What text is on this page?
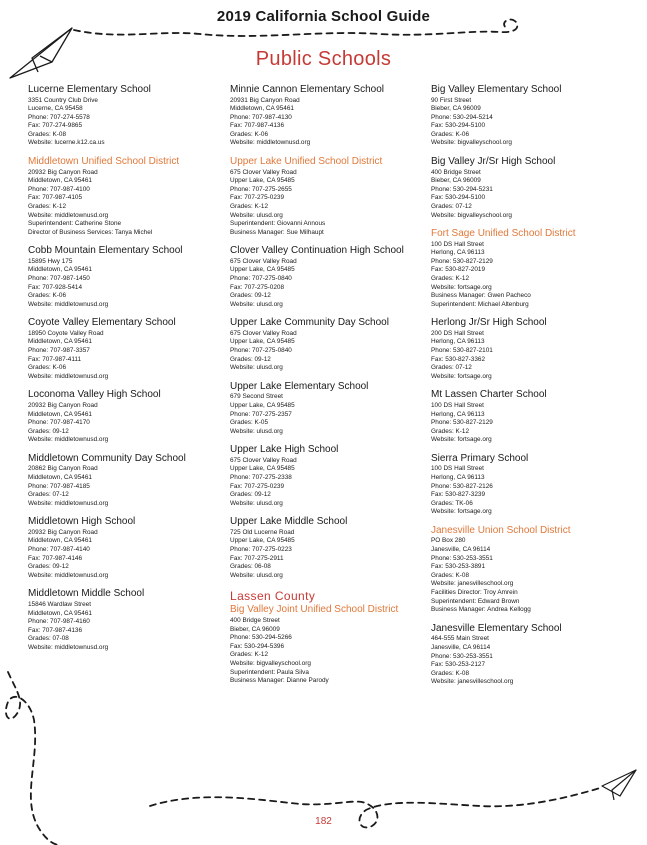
2019 California School Guide
Public Schools
Lucerne Elementary School
3351 Country Club Drive
Lucerne, CA 95458
Phone: 707-274-5578
Fax: 707-274-9865
Grades: K-08
Website: lucerne.k12.ca.us
Middletown Unified School District
20932 Big Canyon Road
Middletown, CA 95461
Phone: 707-987-4100
Fax: 707-987-4105
Grades: K-12
Website: middletownusd.org
Superintendent: Catherine Stone
Director of Business Services: Tanya Michel
Cobb Mountain Elementary School
15895 Hwy 175
Middletown, CA 95461
Phone: 707-987-1450
Fax: 707-928-5414
Grades: K-06
Website: middletownusd.org
Coyote Valley Elementary School
18950 Coyote Valley Road
Middletown, CA 95461
Phone: 707-987-3357
Fax: 707-987-4111
Grades: K-06
Website: middletownusd.org
Loconoma Valley High School
20932 Big Canyon Road
Middletown, CA 95461
Phone: 707-987-4170
Grades: 09-12
Website: middletownusd.org
Middletown Community Day School
20862 Big Canyon Road
Middletown, CA 95461
Phone: 707-987-4185
Grades: 07-12
Website: middletownusd.org
Middletown High School
20932 Big Canyon Road
Middletown, CA 95461
Phone: 707-987-4140
Fax: 707-987-4146
Grades: 09-12
Website: middletownusd.org
Middletown Middle School
15846 Wardlaw Street
Middletown, CA 95461
Phone: 707-987-4160
Fax: 707-987-4136
Grades: 07-08
Website: middletownusd.org
Minnie Cannon Elementary School
20931 Big Canyon Road
Middletown, CA 95461
Phone: 707-987-4130
Fax: 707-987-4136
Grades: K-06
Website: middletownusd.org
Upper Lake Unified School District
675 Clover Valley Road
Upper Lake, CA 95485
Phone: 707-275-2655
Fax: 707-275-0239
Grades: K-12
Website: ulusd.org
Superintendent: Giovanni Annous
Business Manager: Sue Milhaupt
Clover Valley Continuation High School
675 Clover Valley Road
Upper Lake, CA 95485
Phone: 707-275-0840
Fax: 707-275-0208
Grades: 09-12
Website: ulusd.org
Upper Lake Community Day School
675 Clover Valley Road
Upper Lake, CA 95485
Phone: 707-275-0840
Grades: 09-12
Website: ulusd.org
Upper Lake Elementary School
679 Second Street
Upper Lake, CA 95485
Phone: 707-275-2357
Grades: K-05
Website: ulusd.org
Upper Lake High School
675 Clover Valley Road
Upper Lake, CA 95485
Phone: 707-275-2338
Fax: 707-275-0239
Grades: 09-12
Website: ulusd.org
Upper Lake Middle School
725 Old Lucerne Road
Upper Lake, CA 95485
Phone: 707-275-0223
Fax: 707-275-2911
Grades: 06-08
Website: ulusd.org
Lassen County
Big Valley Joint Unified School District
400 Bridge Street
Bieber, CA 96009
Phone: 530-294-5266
Fax: 530-294-5396
Grades: K-12
Website: bigvalleyschool.org
Superintendent: Paula Silva
Business Manager: Dianne Parody
Big Valley Elementary School
90 First Street
Bieber, CA 96009
Phone: 530-294-5214
Fax: 530-294-5100
Grades: K-06
Website: bigvalleyschool.org
Big Valley Jr/Sr High School
400 Bridge Street
Bieber, CA 96009
Phone: 530-294-5231
Fax: 530-294-5100
Grades: 07-12
Website: bigvalleyschool.org
Fort Sage Unified School District
100 DS Hall Street
Herlong, CA 96113
Phone: 530-827-2129
Fax: 530-827-2019
Grades: K-12
Website: fortsage.org
Business Manager: Gwen Pacheco
Superintendent: Michael Altenburg
Herlong Jr/Sr High School
200 DS Hall Street
Herlong, CA 96113
Phone: 530-827-2101
Fax: 530-827-3362
Grades: 07-12
Website: fortsage.org
Mt Lassen Charter School
100 DS Hall Street
Herlong, CA 96113
Phone: 530-827-2129
Grades: K-12
Website: fortsage.org
Sierra Primary School
100 DS Hall Street
Herlong, CA 96113
Phone: 530-827-2126
Fax: 530-827-3239
Grades: TK-06
Website: fortsage.org
Janesville Union School District
PO Box 280
Janesville, CA 96114
Phone: 530-253-3551
Fax: 530-253-3891
Grades: K-08
Website: janesvilleschool.org
Facilities Director: Troy Amrein
Superintendent: Edward Brown
Business Manager: Andrea Kellogg
Janesville Elementary School
464-555 Main Street
Janesville, CA 96114
Phone: 530-253-3551
Fax: 530-253-2127
Grades: K-08
Website: janesvilleschool.org
182
